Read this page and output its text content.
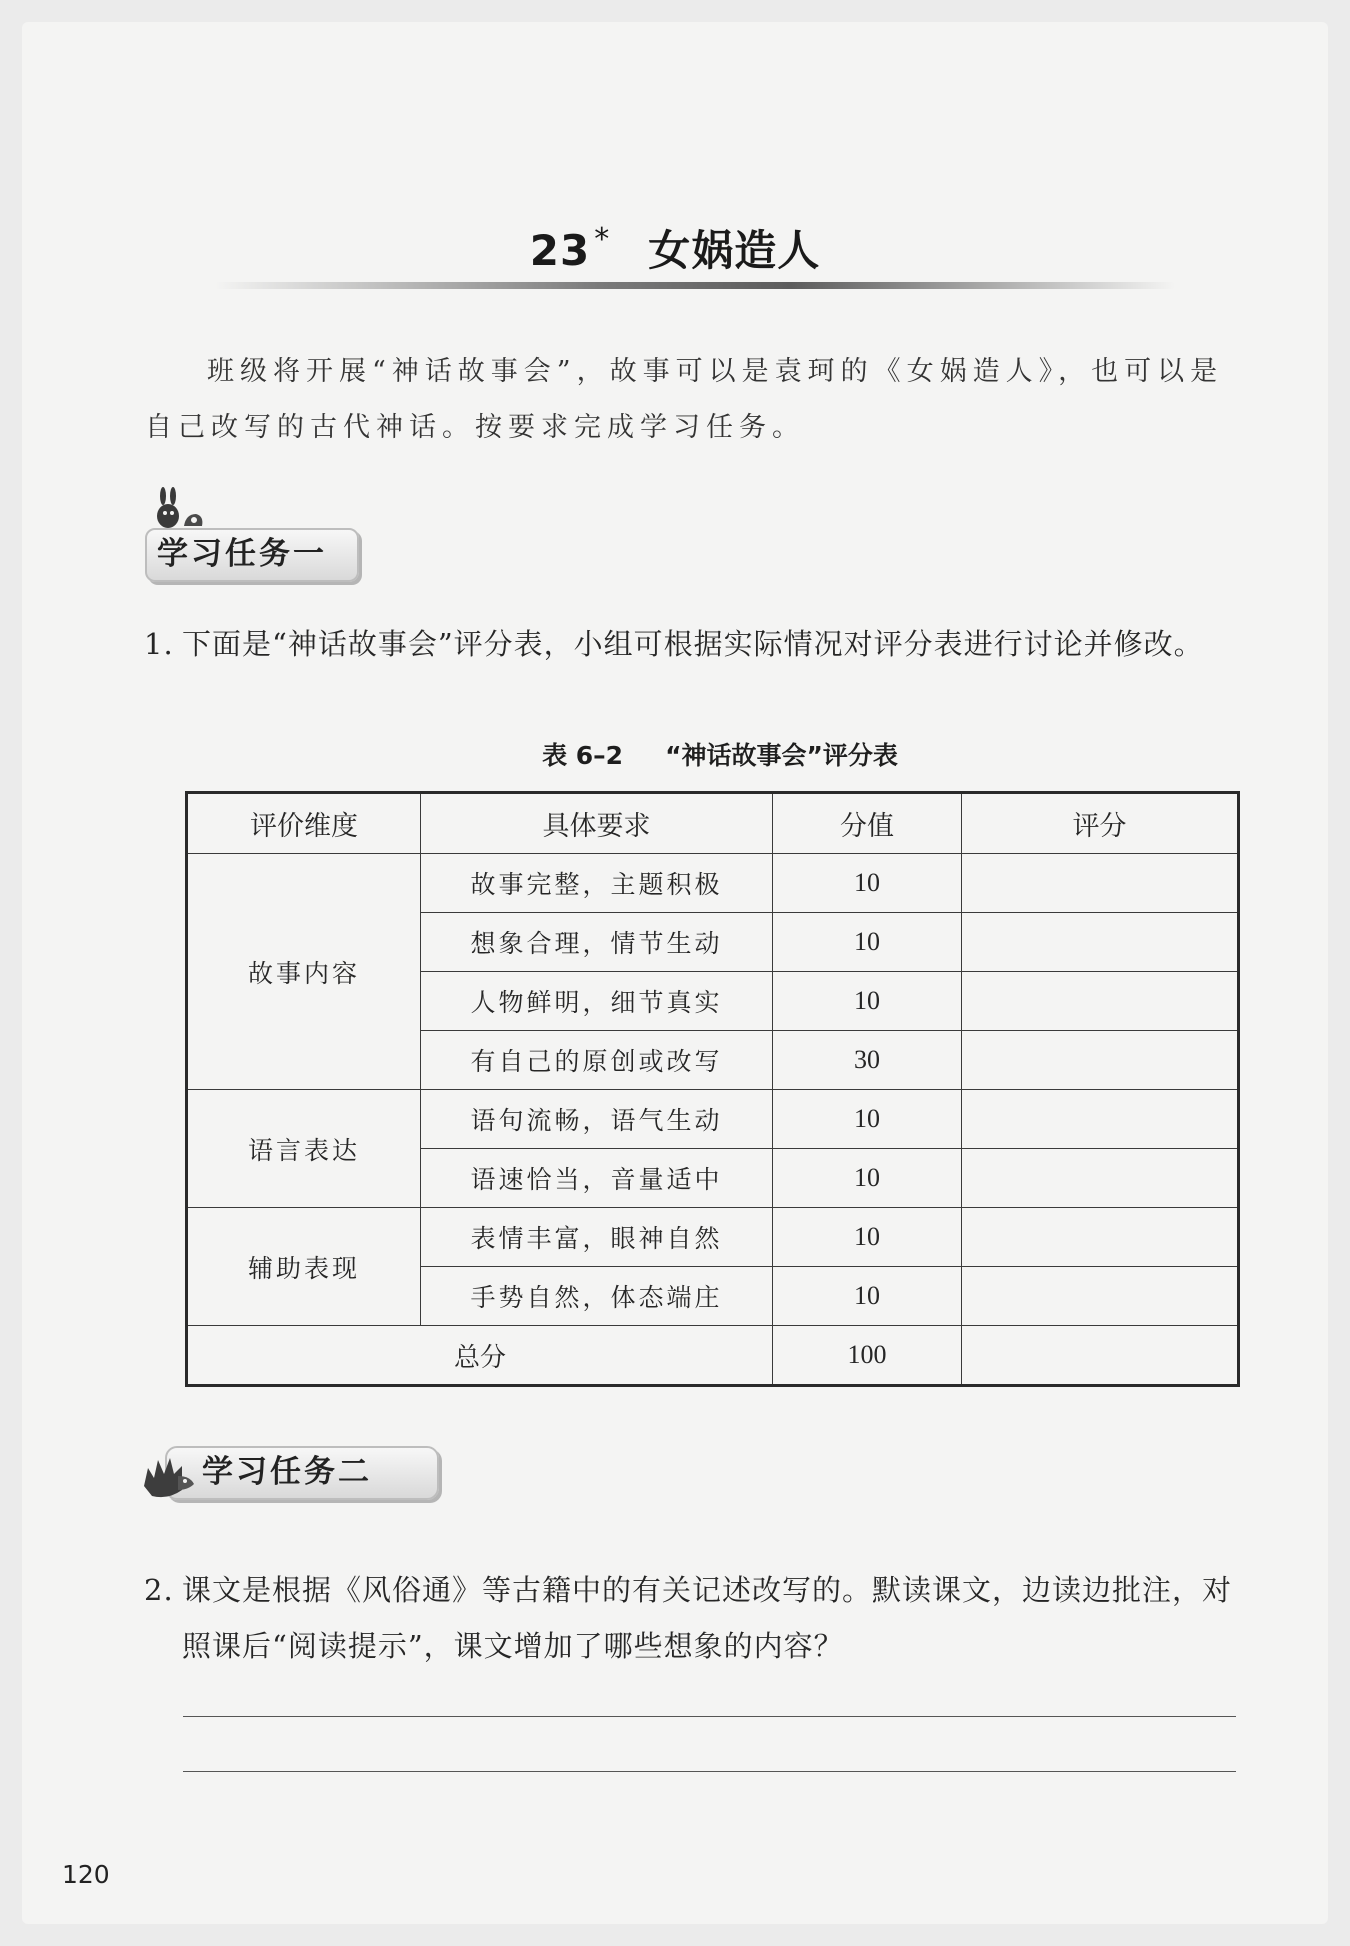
23 * 女娲造人

班级将开展“神话故事会”，故事可以是袁珂的《女娲造人》，也可以是自己改写的古代神话。按要求完成学习任务。

学习任务一
1. 下面是“神话故事会”评分表，小组可根据实际情况对评分表进行讨论并修改。
表 6–2 “神话故事会”评分表
评价维度	具体要求	分值	评分
故事内容	故事完整，主题积极	10	
	想象合理，情节生动	10	
	人物鲜明，细节真实	10	
	有自己的原创或改写	30	
语言表达	语句流畅，语气生动	10	
	语速恰当，音量适中	10	
辅助表现	表情丰富，眼神自然	10	
	手势自然，体态端庄	10	
总分		100	
学习任务二
2. 课文是根据《风俗通》等古籍中的有关记述改写的。默读课文，边读边批注，对照课后“阅读提示”，课文增加了哪些想象的内容？
120
